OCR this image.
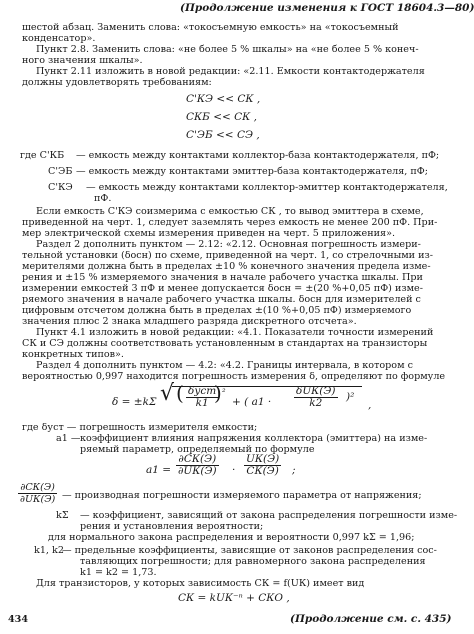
(Продолжение изменения к ГОСТ 18604.3—80)
шестой абзац. Заменить слова: «токосъемную емкость» на «токосъемный
конденсатор».
Пункт 2.8. Заменить слова: «не более 5 % шкалы» на «не более 5 % конеч-
ного значения шкалы».
Пункт 2.11 изложить в новой редакции: «2.11. Емкости контактодержателя
должны удовлетворять требованиям:
C'КЭ << CК ,
CКБ << CК ,
C'ЭБ << CЭ ,
где C'КБ — емкость между контактами коллектор-база контактодержателя, пФ;
C'ЭБ — емкость между контактами эмиттер-база контактодержателя, пФ;
C'КЭ — емкость между контактами коллектор-эмиттер контактодержателя,
пФ.
Если емкость C'КЭ соизмерима с емкостью CК , то вывод эмиттера в схеме,
приведенной на черт. 1, следует заземлять через емкость не менее 200 пФ. При-
мер электрической схемы измерения приведен на черт. 5 приложения».
Раздел 2 дополнить пунктом — 2.12: «2.12. Основная погрешность измери-
тельной установки (δосн) по схеме, приведенной на черт. 1, со стрелочными из-
мерителями должна быть в пределах ±10 % конечного значения предела изме-
рения и ±15 % измеряемого значения в начале рабочего участка шкалы. При
измерении емкостей 3 пФ и менее допускается δосн = ±(20 %+0,05 пФ) изме-
ряемого значения в начале рабочего участка шкалы. δосн для измерителей с
цифровым отсчетом должна быть в пределах ±(10 %+0,05 пФ) измеряемого
значения плюс 2 знака младшего разряда дискретного отсчета».
Пункт 4.1 изложить в новой редакции: «4.1. Показатели точности измерений
CК и CЭ должны соответствовать установленным в стандартах на транзисторы
конкретных типов».
Раздел 4 дополнить пунктом — 4.2: «4.2. Границы интервала, в котором с
вероятностью 0,997 находится погрешность измерения δ, определяют по формуле
δ = ±kΣ √ ( $\frac{\text{δуст}}{k1}$
) ²
+ ( $a1 \cdot \frac{\text{δUК(Э)}}{k2} )^2$
,
где δуст — погрешность измерителя емкости;
a1 — коэффициент влияния напряжения коллектора (эмиттера) на изме-
ряемый параметр, определяемый по формуле
$a1 = \frac{\partial CК(Э)}{\partial UК(Э)} \cdot \frac{UК(Э)}{CК(Э)}$ ;
$\frac{\partial CК(Э)}{\partial UК(Э)}$ — производная погрешности измеряемого параметра от напряжения;
kΣ — коэффициент, зависящий от закона распределения погрешности изме-
рения и установления вероятности;
для нормального закона распределения и вероятности 0,997 kΣ = 1,96;
k1, k2
— предельные коэффициенты, зависящие от законов распределения сос-
тавляющих погрешности; для равномерного закона распределения
k1 = k2 = 1,73.
Для транзисторов, у которых зависимость CК = f(UК) имеет вид
CК = kUК⁻ⁿ + CКО ,
434	(Продолжение см. с. 435)
